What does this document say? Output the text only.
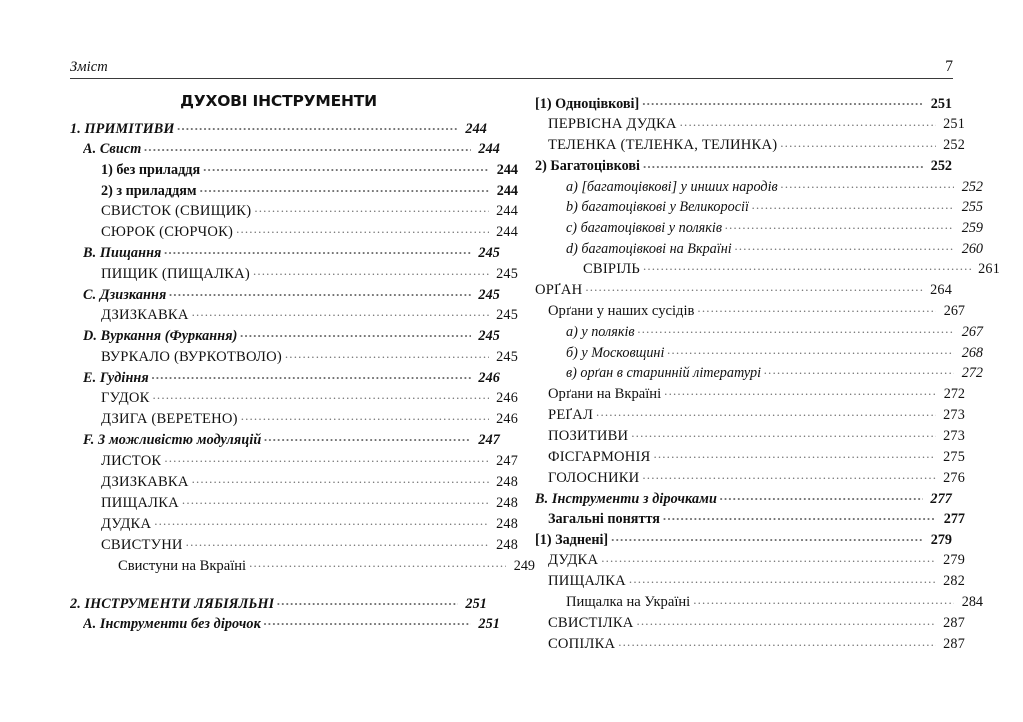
Зміст	7
ДУХОВІ ІНСТРУМЕНТИ
1. ПРИМІТИВИ .....	244
A. Свист .....	244
1) без приладдя .....	244
2) з приладдям .....	244
СВИСТОК (СВИЩИК) .....	244
СЮРОК (СЮРЧОК) .....	244
B. Пищання .....	245
ПИЩИК (ПИЩАЛКА) .....	245
C. Дзизкання .....	245
ДЗИЗКАВКА .....	245
D. Вуркання (Фуркання) .....	245
ВУРКАЛО (ВУРКОТВОЛО) .....	245
E. Гудіння .....	246
ГУДОК .....	246
ДЗИГА (ВЕРЕТЕНО) .....	246
F. З можливістю модуляцій .....	247
ЛИСТОК .....	247
ДЗИЗКАВКА .....	248
ПИЩАЛКА .....	248
ДУДКА .....	248
СВИСТУНИ .....	248
Свистуни на Вкраїні .....	249
2. ІНСТРУМЕНТИ ЛЯБІЯЛЬНІ .....	251
A. Інструменти без дірочок .....	251
[1) Одноцівкові] .....	251
ПЕРВІСНА ДУДКА .....	251
ТЕЛЕ́НКА (ТЕЛЕ́НКА, ТЕЛИ́НКА) .....	252
2) Багатоцівкові .....	252
a) [багатоцівкові] у инших народів .....	252
b) багатоцівкові у Великоросії .....	255
c) багатоцівкові у поляків .....	259
d) багатоцівкові на Вкраїні .....	260
СВІРІЛЬ .....	261
ОРҐАН .....	264
Орґани у наших сусідів .....	267
а) у поляків .....	267
б) у Московщині .....	268
в) орґан в старинній літературі .....	272
Орґани на Вкраїні .....	272
РЕҐАЛ .....	273
ПОЗИТИВИ .....	273
ФІСГАРМОНІЯ .....	275
ГОЛОСНИКИ .....	276
B. Інструменти з дірочками .....	277
Загальні поняття .....	277
[1) Заднені] .....	279
ДУДКА .....	279
ПИЩАЛКА .....	282
Пищалка на Україні .....	284
СВИСТІЛКА .....	287
СОПІЛКА .....	287
